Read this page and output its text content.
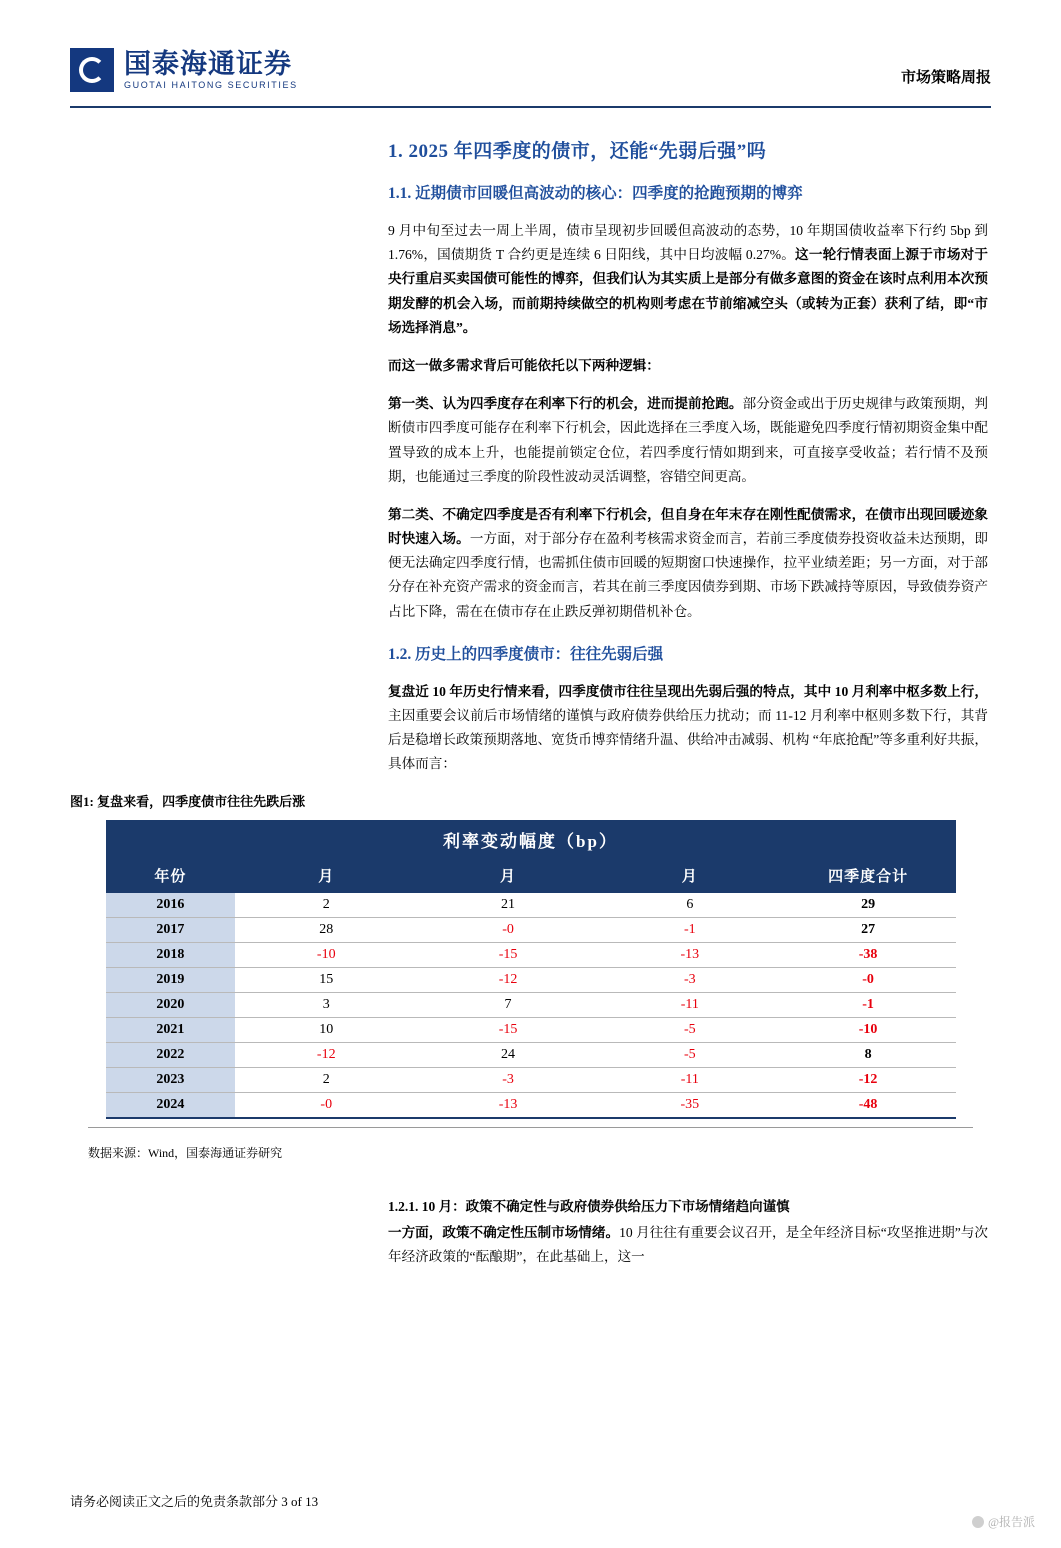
国泰海通证券
GUOTAI HAITONG SECURITIES	市场策略周报
1. 2025 年四季度的债市，还能“先弱后强”吗
1.1. 近期债市回暖但高波动的核心：四季度的抢跑预期的博弈

9 月中旬至过去一周上半周，债市呈现初步回暖但高波动的态势，10 年期国债收益率下行约 5bp 到 1.76%，国债期货 T 合约更是连续 6 日阳线，其中日均波幅 0.27%。这一轮行情表面上源于市场对于央行重启买卖国债可能性的博弈，但我们认为其实质上是部分有做多意图的资金在该时点利用本次预期发酵的机会入场，而前期持续做空的机构则考虑在节前缩减空头（或转为正套）获利了结，即“市场选择消息”。

而这一做多需求背后可能依托以下两种逻辑：

第一类、认为四季度存在利率下行的机会，进而提前抢跑。部分资金或出于历史规律与政策预期，判断债市四季度可能存在利率下行机会，因此选择在三季度入场，既能避免四季度行情初期资金集中配置导致的成本上升，也能提前锁定仓位，若四季度行情如期到来，可直接享受收益；若行情不及预期，也能通过三季度的阶段性波动灵活调整，容错空间更高。

第二类、不确定四季度是否有利率下行机会，但自身在年末存在刚性配债需求，在债市出现回暖迹象时快速入场。一方面，对于部分存在盈利考核需求资金而言，若前三季度债券投资收益未达预期，即便无法确定四季度行情，也需抓住债市回暖的短期窗口快速操作，拉平业绩差距；另一方面，对于部分存在补充资产需求的资金而言，若其在前三季度因债券到期、市场下跌减持等原因，导致债券资产占比下降，需在在债市存在止跌反弹初期借机补仓。

1.2. 历史上的四季度债市：往往先弱后强

复盘近 10 年历史行情来看，四季度债市往往呈现出先弱后强的特点，其中 10 月利率中枢多数上行，主因重要会议前后市场情绪的谨慎与政府债券供给压力扰动；而 11-12 月利率中枢则多数下行，其背后是稳增长政策预期落地、宽货币博弈情绪升温、供给冲击减弱、机构 “年底抢配”等多重利好共振，具体而言：

图1: 复盘来看，四季度债市往往先跌后涨
利率变动幅度（bp）				
年份	月	月	月	四季度合计
2016	2	21	6	29
2017	28	-0	-1	27
2018	-10	-15	-13	-38
2019	15	-12	-3	-0
2020	3	7	-11	-1
2021	10	-15	-5	-10
2022	-12	24	-5	8
2023	2	-3	-11	-12
2024	-0	-13	-35	-48
数据来源：Wind，国泰海通证券研究
1.2.1. 10 月：政策不确定性与政府债券供给压力下市场情绪趋向谨慎

一方面，政策不确定性压制市场情绪。10 月往往有重要会议召开，是全年经济目标“攻坚推进期”与次年经济政策的“酝酿期”，在此基础上，这一

请务必阅读正文之后的免责条款部分 3 of 13
@报告派
